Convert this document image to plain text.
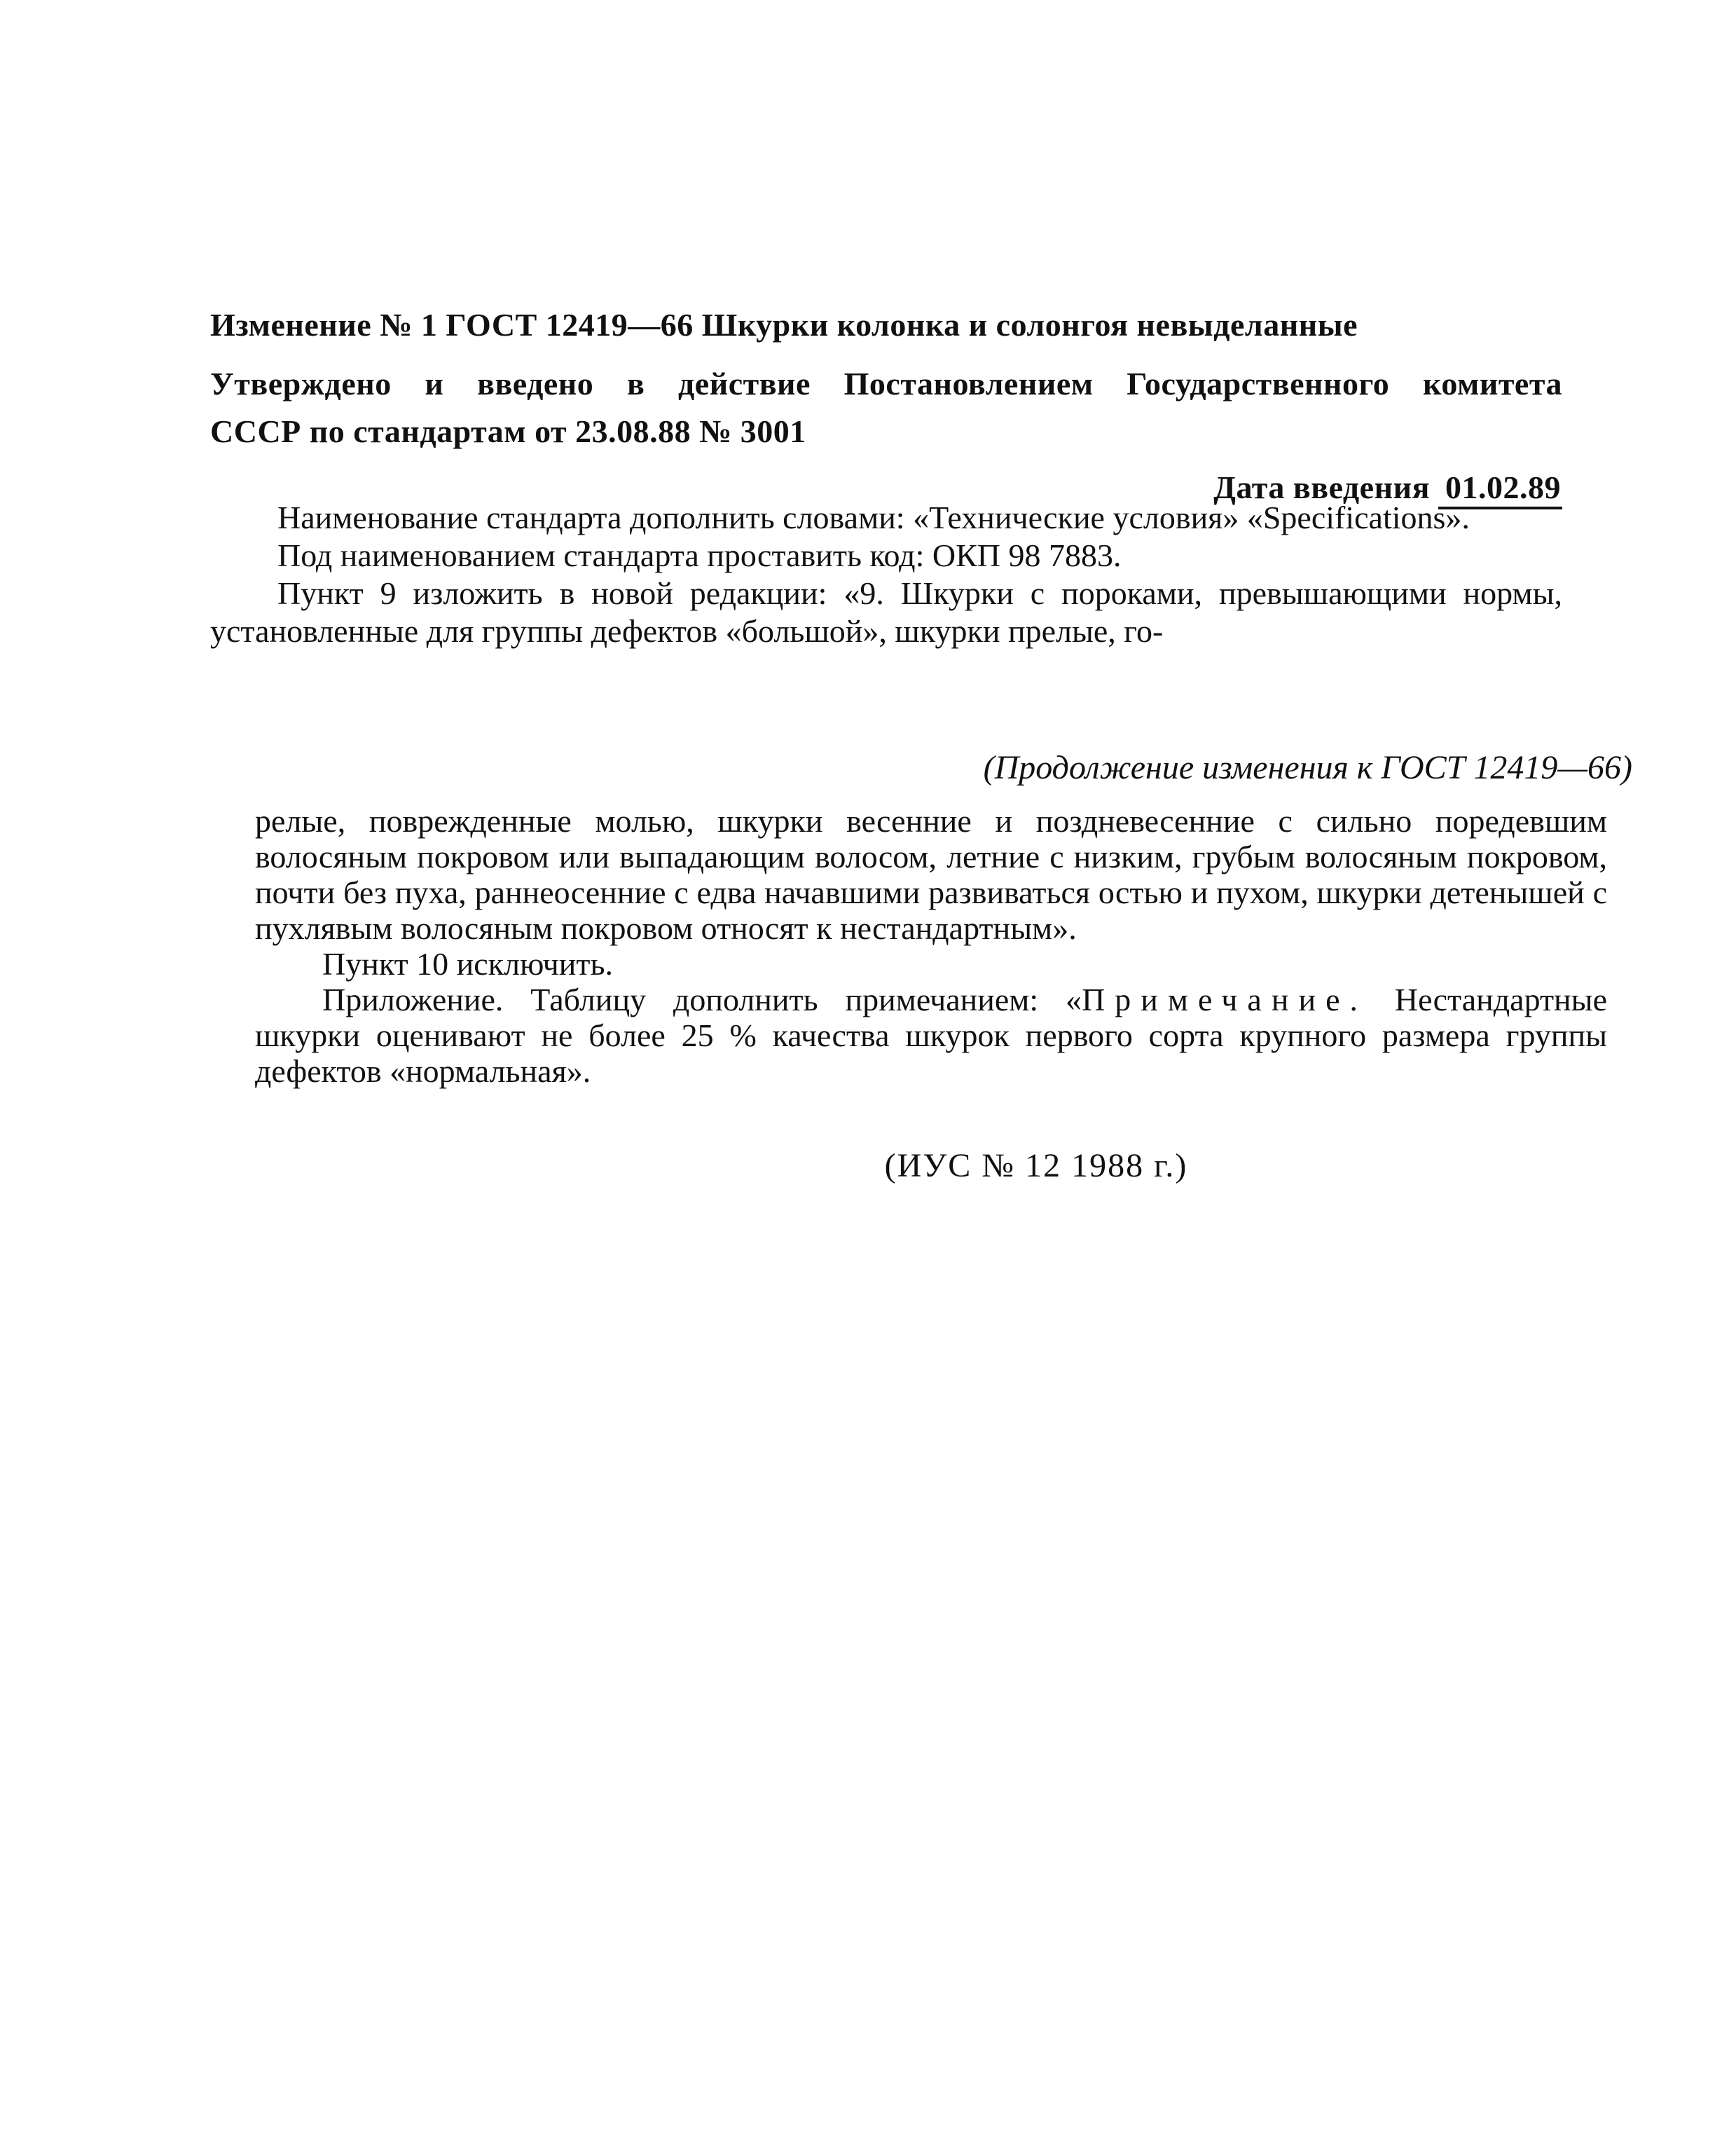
Изменение № 1 ГОСТ 12419—66 Шкурки колонка и солонгоя невыделанные
Утверждено и введено в действие Постановлением Государственного комитета
СССР по стандартам от 23.08.88 № 3001
Дата введения 01.02.89

Наименование стандарта дополнить словами: «Технические условия» «Specifications».

Под наименованием стандарта проставить код: ОКП 98 7883.

Пункт 9 изложить в новой редакции: «9. Шкурки с пороками, превышающими нормы, установленные для группы дефектов «большой», шкурки прелые, го-

(Продолжение изменения к ГОСТ 12419—66)

релые, поврежденные молью, шкурки весенние и поздневесенние с сильно поредевшим волосяным покровом или выпадающим волосом, летние с низким, грубым волосяным покровом, почти без пуха, раннеосенние с едва начавшими развиваться остью и пухом, шкурки детенышей с пухлявым волосяным покровом относят к нестандартным».

Пункт 10 исключить.

Приложение. Таблицу дополнить примечанием: «Примечание. Нестандартные шкурки оценивают не более 25 % качества шкурок первого сорта крупного размера группы дефектов «нормальная».

(ИУС № 12 1988 г.)
